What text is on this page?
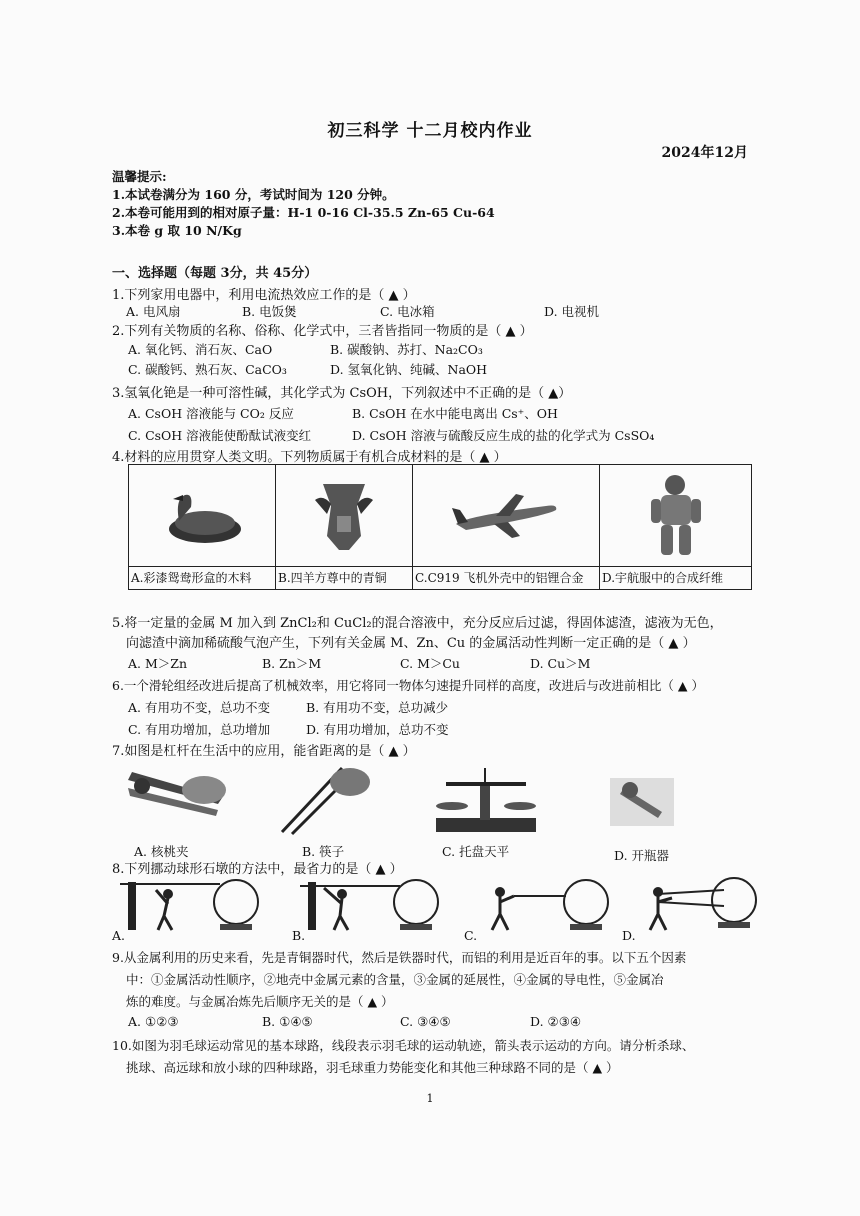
初三科学 十二月校内作业
2024年12月
温馨提示:
1.本试卷满分为 160 分，考试时间为 120 分钟。
2.本卷可能用到的相对原子量：H-1 0-16 Cl-35.5 Zn-65 Cu-64
3.本卷 g 取 10 N/Kg
一、选择题（每题 3分，共 45分）
1.下列家用电器中，利用电流热效应工作的是（ ▲ ）
A. 电风扇	B. 电饭煲	C. 电冰箱	D. 电视机
2.下列有关物质的名称、俗称、化学式中，三者皆指同一物质的是（ ▲ ）
A. 氧化钙、消石灰、CaO	B. 碳酸钠、苏打、Na₂CO₃
C. 碳酸钙、熟石灰、CaCO₃	D. 氢氧化钠、纯碱、NaOH
3.氢氧化铯是一种可溶性碱，其化学式为 CsOH，下列叙述中不正确的是（ ▲）
A. CsOH 溶液能与 CO₂ 反应	B. CsOH 在水中能电离出 Cs⁺、OH
C. CsOH 溶液能使酚酞试液变红	D. CsOH 溶液与硫酸反应生成的盐的化学式为 CsSO₄
4.材料的应用贯穿人类文明。下列物质属于有机合成材料的是（ ▲ ）
A.彩漆鸳鸯形盒的木料	B.四羊方尊中的青铜	C.C919 飞机外壳中的铝锂合金	D.宇航服中的合成纤维
5.将一定量的金属 M 加入到 ZnCl₂和 CuCl₂的混合溶液中，充分反应后过滤，得固体滤渣，滤液为无色，
向滤渣中滴加稀硫酸气泡产生，下列有关金属 M、Zn、Cu 的金属活动性判断一定正确的是（ ▲ ）
A. M＞Zn	B. Zn＞M	C. M＞Cu	D. Cu＞M
6.一个滑轮组经改进后提高了机械效率，用它将同一物体匀速提升同样的高度，改进后与改进前相比（ ▲ ）
A. 有用功不变，总功不变	B. 有用功不变，总功减少
C. 有用功增加，总功增加	D. 有用功增加，总功不变
7.如图是杠杆在生活中的应用，能省距离的是（ ▲ ）
A. 核桃夹	B. 筷子	C. 托盘天平	D. 开瓶器
8.下列挪动球形石墩的方法中，最省力的是（ ▲ ）
A.	B.	C.	D.
9.从金属利用的历史来看，先是青铜器时代，然后是铁器时代，而铝的利用是近百年的事。以下五个因素
中：①金属活动性顺序，②地壳中金属元素的含量，③金属的延展性，④金属的导电性，⑤金属冶
炼的难度。与金属冶炼先后顺序无关的是（ ▲ ）
A. ①②③	B. ①④⑤	C. ③④⑤	D. ②③④
10.如图为羽毛球运动常见的基本球路，线段表示羽毛球的运动轨迹，箭头表示运动的方向。请分析杀球、
挑球、高远球和放小球的四种球路，羽毛球重力势能变化和其他三种球路不同的是（ ▲ ）
1
